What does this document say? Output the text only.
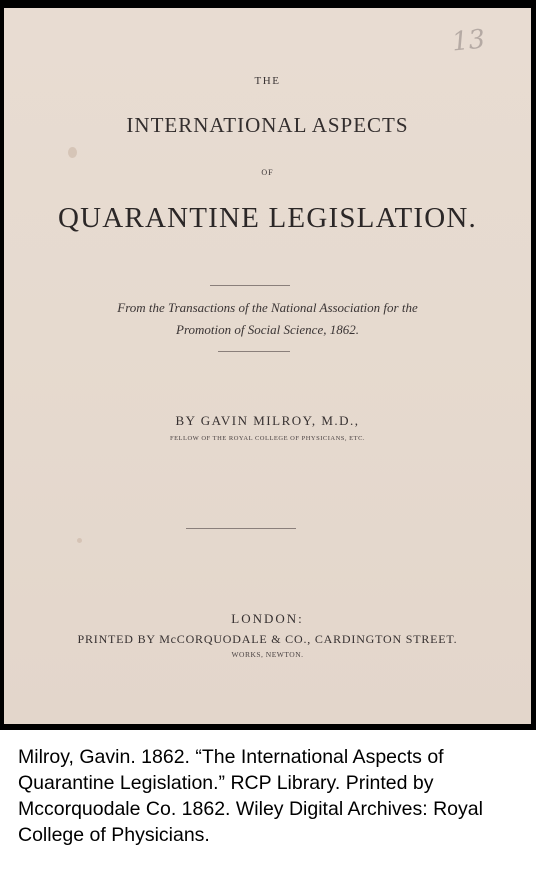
13
THE
INTERNATIONAL ASPECTS
OF
QUARANTINE LEGISLATION.
From the Transactions of the National Association for the
Promotion of Social Science, 1862.
BY GAVIN MILROY, M.D.,
FELLOW OF THE ROYAL COLLEGE OF PHYSICIANS, ETC.
LONDON:
PRINTED BY McCORQUODALE & CO., CARDINGTON STREET.
WORKS, NEWTON.
Milroy, Gavin. 1862. “The International Aspects of Quarantine Legislation.” RCP Library. Printed by Mccorquodale Co. 1862. Wiley Digital Archives: Royal College of Physicians.
